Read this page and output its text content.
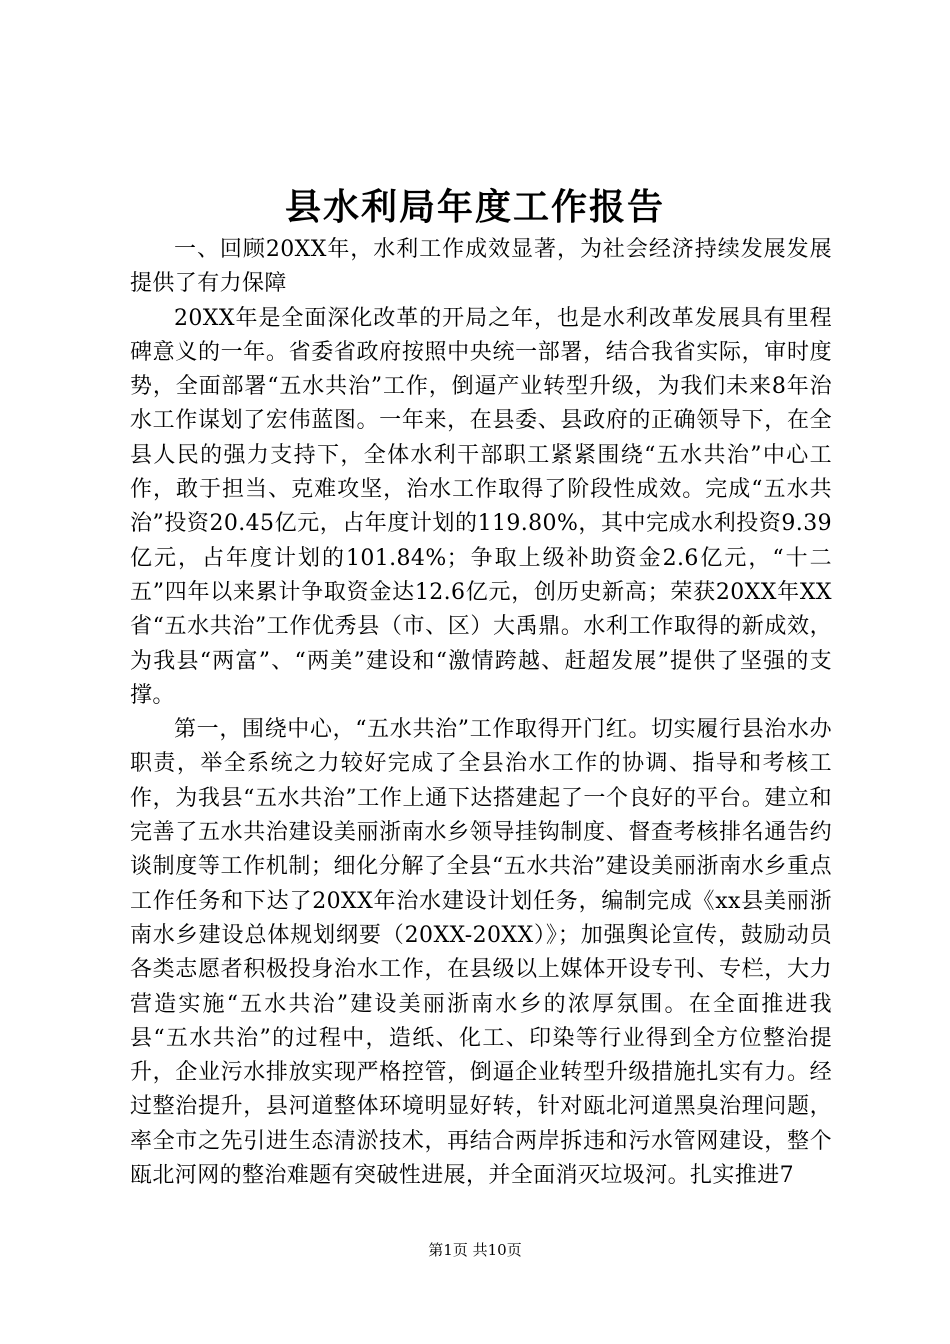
县水利局年度工作报告

一、回顾20XX年，水利工作成效显著，为社会经济持续发展发展提供了有力保障

20XX年是全面深化改革的开局之年，也是水利改革发展具有里程碑意义的一年。省委省政府按照中央统一部署，结合我省实际，审时度势，全面部署“五水共治”工作，倒逼产业转型升级，为我们未来8年治水工作谋划了宏伟蓝图。一年来，在县委、县政府的正确领导下，在全县人民的强力支持下，全体水利干部职工紧紧围绕“五水共治”中心工作，敢于担当、克难攻坚，治水工作取得了阶段性成效。完成“五水共治”投资20.45亿元，占年度计划的119.80%，其中完成水利投资9.39亿元，占年度计划的101.84%；争取上级补助资金2.6亿元，“十二五”四年以来累计争取资金达12.6亿元，创历史新高；荣获20XX年XX省“五水共治”工作优秀县（市、区）大禹鼎。水利工作取得的新成效，为我县“两富”、“两美”建设和“激情跨越、赶超发展”提供了坚强的支撑。

第一，围绕中心，“五水共治”工作取得开门红。切实履行县治水办职责，举全系统之力较好完成了全县治水工作的协调、指导和考核工作，为我县“五水共治”工作上通下达搭建起了一个良好的平台。建立和完善了五水共治建设美丽浙南水乡领导挂钩制度、督查考核排名通告约谈制度等工作机制；细化分解了全县“五水共治”建设美丽浙南水乡重点工作任务和下达了20XX年治水建设计划任务，编制完成《xx县美丽浙南水乡建设总体规划纲要（20XX-20XX）》；加强舆论宣传，鼓励动员各类志愿者积极投身治水工作，在县级以上媒体开设专刊、专栏，大力营造实施“五水共治”建设美丽浙南水乡的浓厚氛围。在全面推进我县“五水共治”的过程中，造纸、化工、印染等行业得到全方位整治提升，企业污水排放实现严格控管，倒逼企业转型升级措施扎实有力。经过整治提升，县河道整体环境明显好转，针对瓯北河道黑臭治理问题，率全市之先引进生态清淤技术，再结合两岸拆违和污水管网建设，整个瓯北河网的整治难题有突破性进展，并全面消灭垃圾河。扎实推进7

第1页 共10页
